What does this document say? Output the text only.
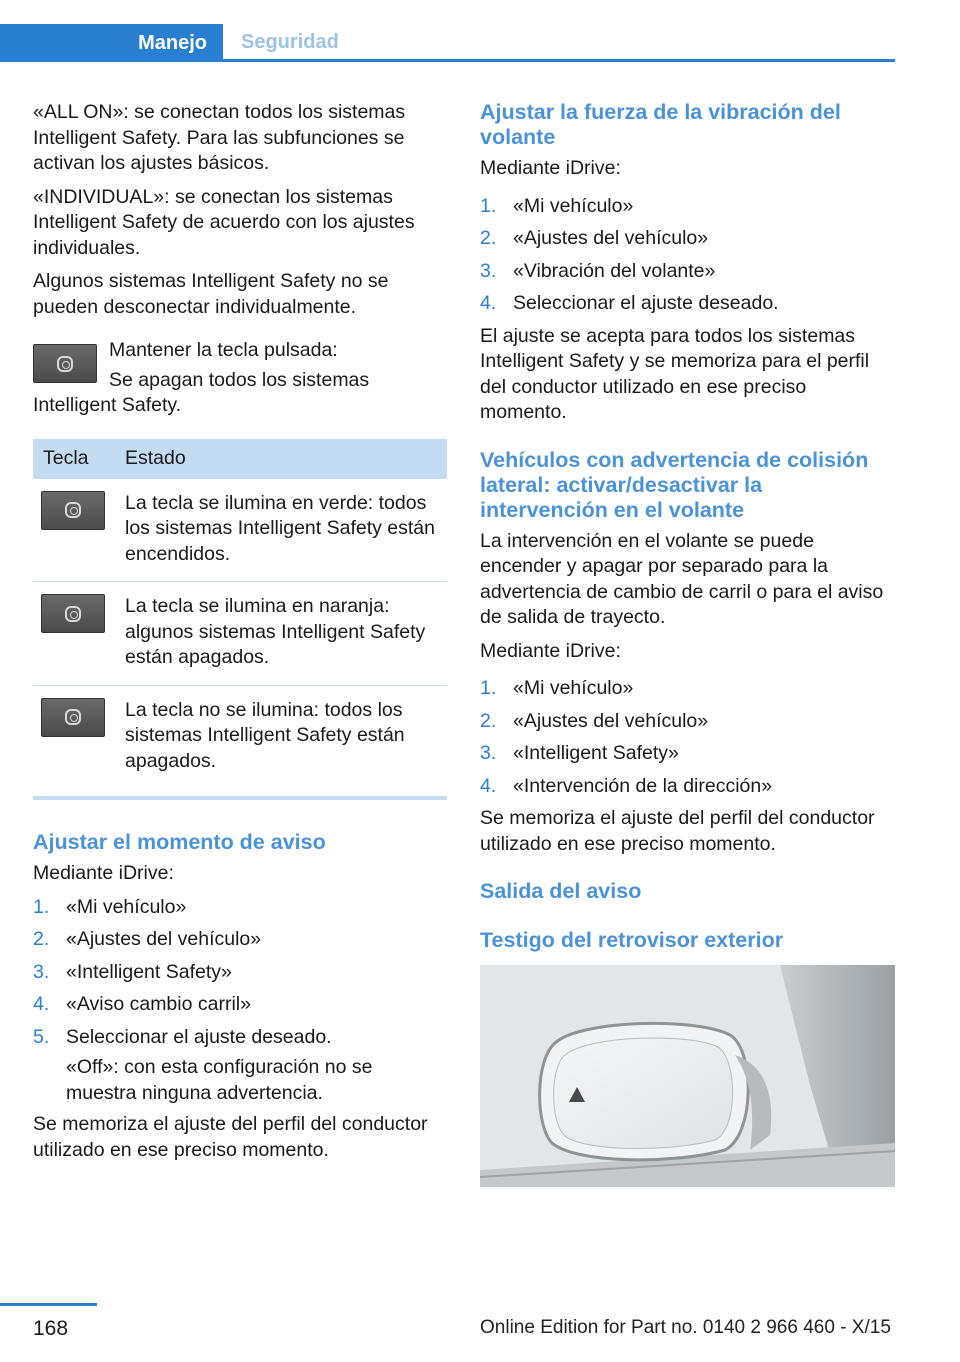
Manejo	Seguridad

«ALL ON»: se conectan todos los sistemas Intelligent Safety. Para las subfunciones se activan los ajustes básicos.

«INDIVIDUAL»: se conectan los sistemas Intelligent Safety de acuerdo con los ajustes individuales.

Algunos sistemas Intelligent Safety no se pueden desconectar individualmente.

Mantener la tecla pulsada:

Se apagan todos los sistemas Intelligent Safety.

Tecla	Estado

	La tecla se ilumina en verde: todos los sistemas Intelligent Safety están encendidos.

	La tecla se ilumina en naranja: algunos sistemas Intelligent Safety están apagados.

	La tecla no se ilumina: todos los sistemas Intelligent Safety están apagados.
Ajustar el momento de aviso

Mediante iDrive:

1. «Mi vehículo»
2. «Ajustes del vehículo»
3. «Intelligent Safety»
4. «Aviso cambio carril»
5. Seleccionar el ajuste deseado.

«Off»: con esta configuración no se muestra ninguna advertencia.

Se memoriza el ajuste del perfil del conductor utilizado en ese preciso momento.

Ajustar la fuerza de la vibración del volante

Mediante iDrive:

1. «Mi vehículo»
2. «Ajustes del vehículo»
3. «Vibración del volante»
4. Seleccionar el ajuste deseado.

El ajuste se acepta para todos los sistemas Intelligent Safety y se memoriza para el perfil del conductor utilizado en ese preciso momento.

Vehículos con advertencia de colisión lateral: activar/desactivar la intervención en el volante

La intervención en el volante se puede encender y apagar por separado para la advertencia de cambio de carril o para el aviso de salida de trayecto.

Mediante iDrive:

1. «Mi vehículo»
2. «Ajustes del vehículo»
3. «Intelligent Safety»
4. «Intervención de la dirección»

Se memoriza el ajuste del perfil del conductor utilizado en ese preciso momento.

Salida del aviso
Testigo del retrovisor exterior
168	Online Edition for Part no. 0140 2 966 460 - X/15
